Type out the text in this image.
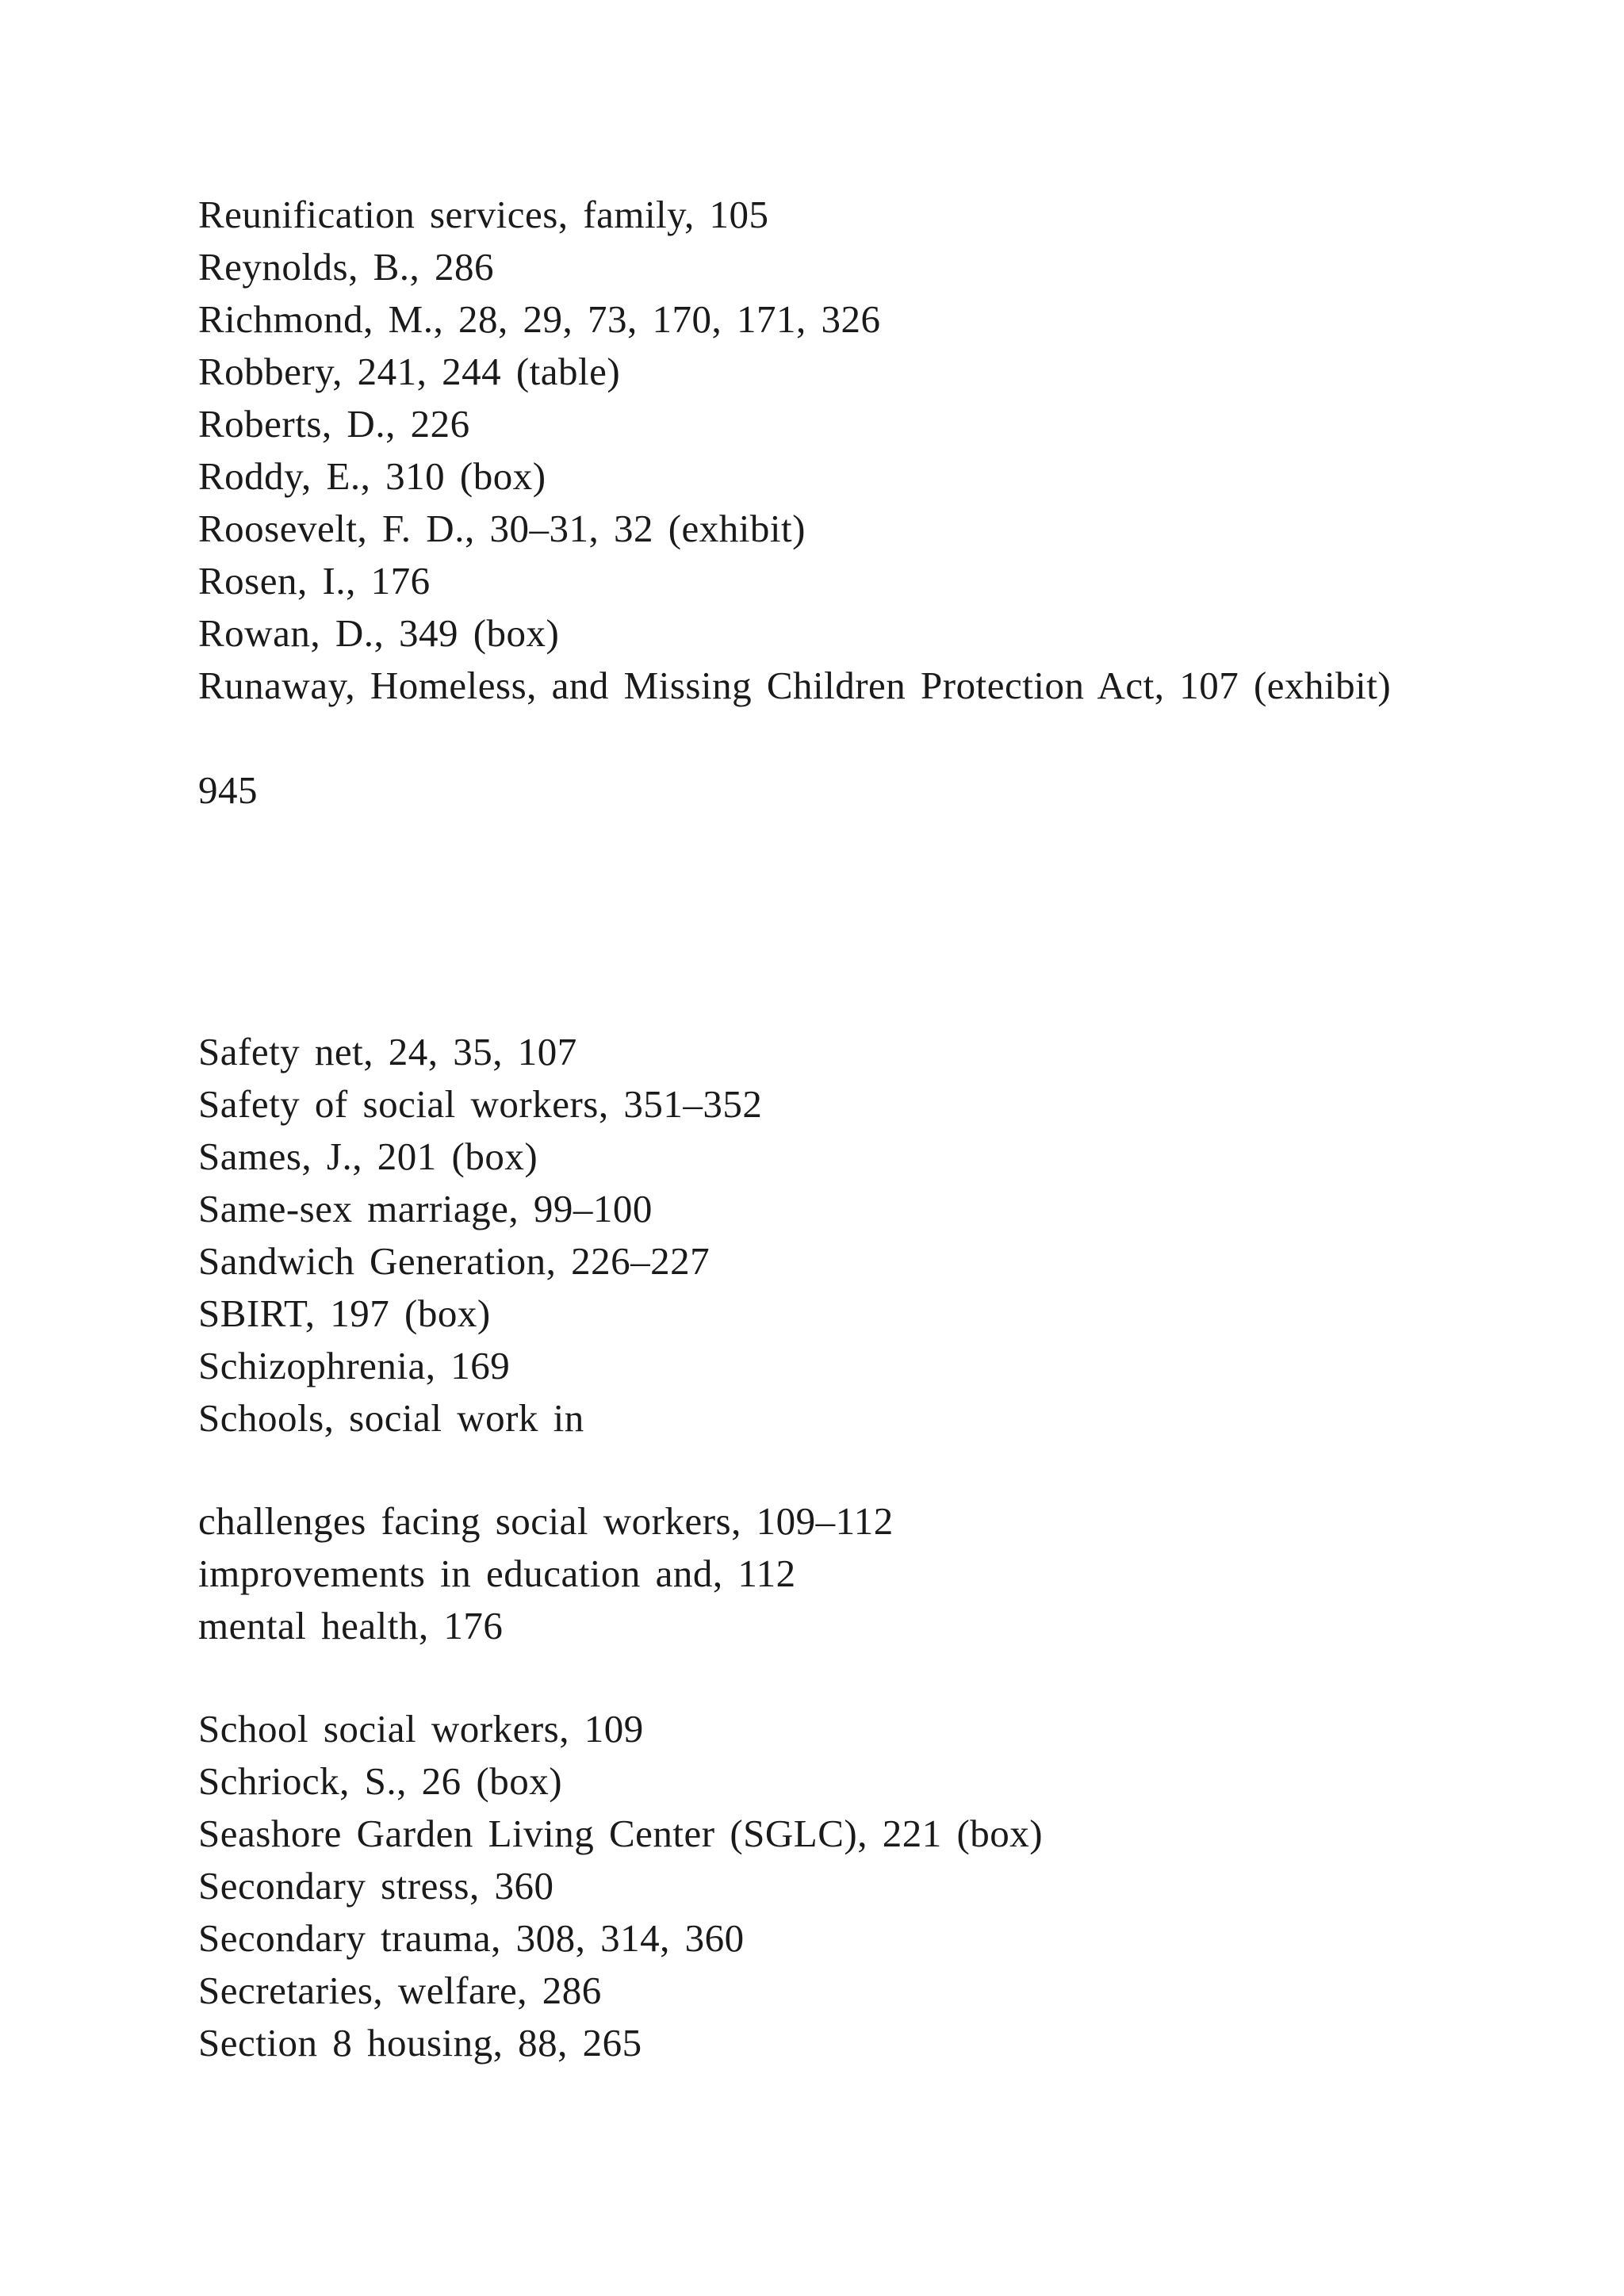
Reunification services, family, 105
Reynolds, B., 286
Richmond, M., 28, 29, 73, 170, 171, 326
Robbery, 241, 244 (table)
Roberts, D., 226
Roddy, E., 310 (box)
Roosevelt, F. D., 30–31, 32 (exhibit)
Rosen, I., 176
Rowan, D., 349 (box)
Runaway, Homeless, and Missing Children Protection Act, 107 (exhibit)
945
Safety net, 24, 35, 107
Safety of social workers, 351–352
Sames, J., 201 (box)
Same-sex marriage, 99–100
Sandwich Generation, 226–227
SBIRT, 197 (box)
Schizophrenia, 169
Schools, social work in
challenges facing social workers, 109–112
improvements in education and, 112
mental health, 176
School social workers, 109
Schriock, S., 26 (box)
Seashore Garden Living Center (SGLC), 221 (box)
Secondary stress, 360
Secondary trauma, 308, 314, 360
Secretaries, welfare, 286
Section 8 housing, 88, 265
